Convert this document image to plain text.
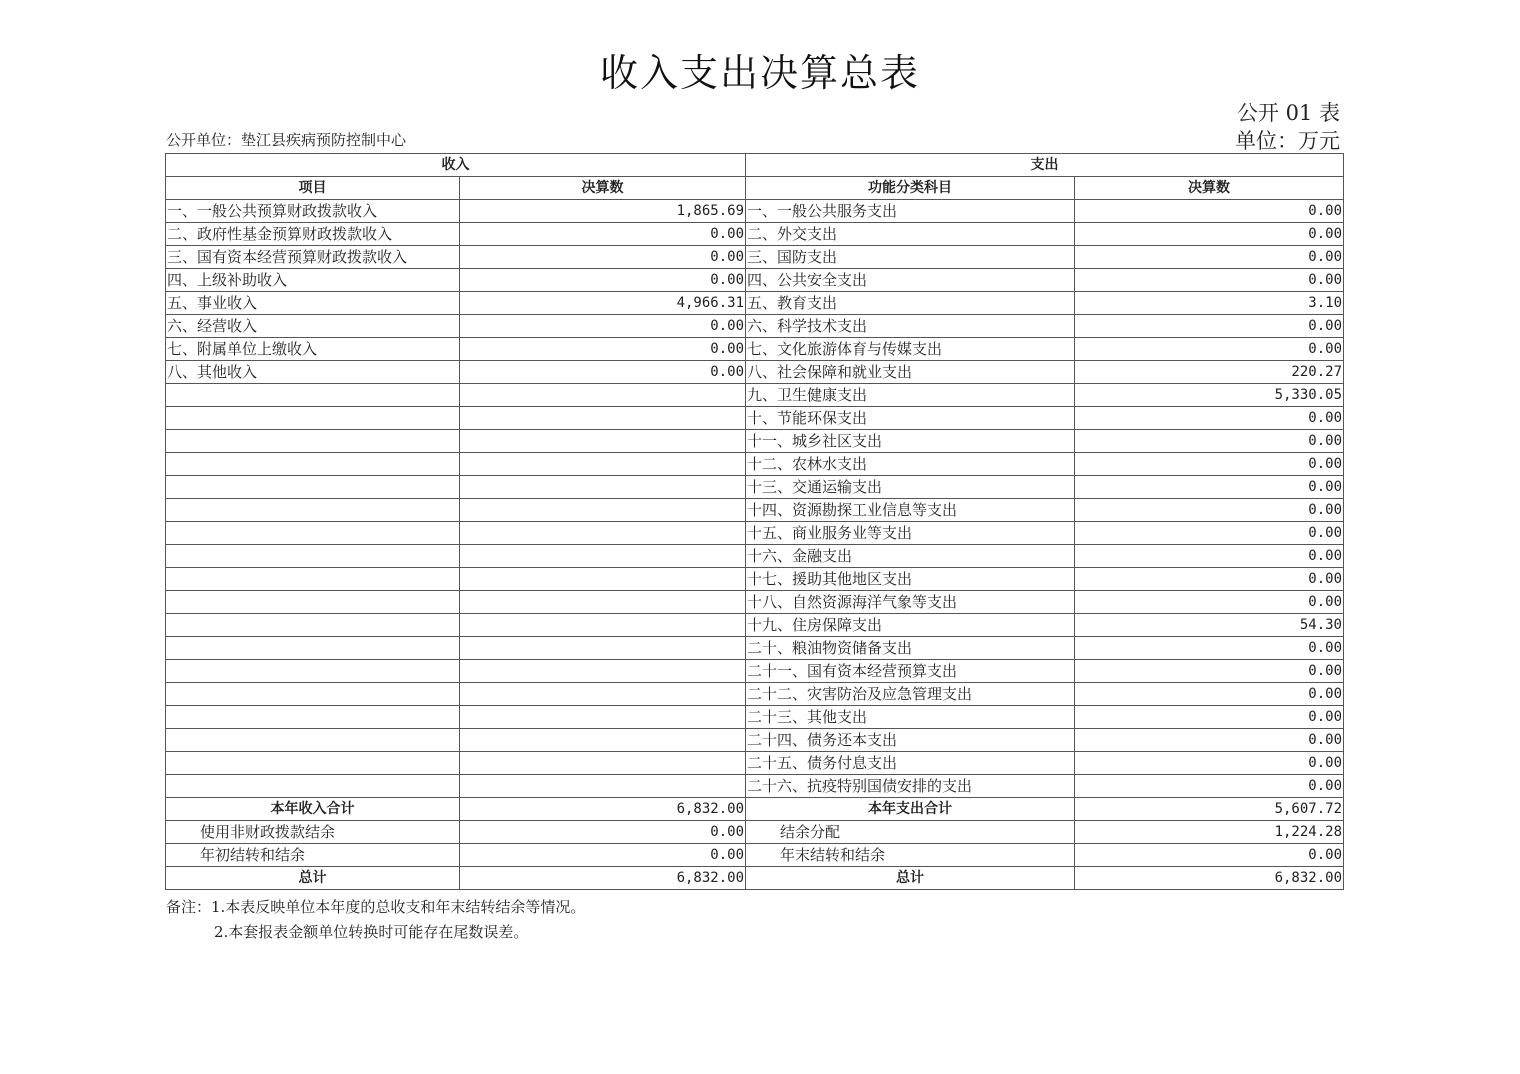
收入支出决算总表
公开 01 表
公开单位：垫江县疾病预防控制中心	单位：万元
收入		支出	
项目	决算数	功能分类科目	决算数
一、一般公共预算财政拨款收入	1,865.69	一、一般公共服务支出	0.00
二、政府性基金预算财政拨款收入	0.00	二、外交支出	0.00
三、国有资本经营预算财政拨款收入	0.00	三、国防支出	0.00
四、上级补助收入	0.00	四、公共安全支出	0.00
五、事业收入	4,966.31	五、教育支出	3.10
六、经营收入	0.00	六、科学技术支出	0.00
七、附属单位上缴收入	0.00	七、文化旅游体育与传媒支出	0.00
八、其他收入	0.00	八、社会保障和就业支出	220.27
		九、卫生健康支出	5,330.05
		十、节能环保支出	0.00
		十一、城乡社区支出	0.00
		十二、农林水支出	0.00
		十三、交通运输支出	0.00
		十四、资源勘探工业信息等支出	0.00
		十五、商业服务业等支出	0.00
		十六、金融支出	0.00
		十七、援助其他地区支出	0.00
		十八、自然资源海洋气象等支出	0.00
		十九、住房保障支出	54.30
		二十、粮油物资储备支出	0.00
		二十一、国有资本经营预算支出	0.00
		二十二、灾害防治及应急管理支出	0.00
		二十三、其他支出	0.00
		二十四、债务还本支出	0.00
		二十五、债务付息支出	0.00
		二十六、抗疫特别国债安排的支出	0.00
本年收入合计	6,832.00	本年支出合计	5,607.72
使用非财政拨款结余	0.00	结余分配	1,224.28
年初结转和结余	0.00	年末结转和结余	0.00
总计	6,832.00	总计	6,832.00
备注：1.本表反映单位本年度的总收支和年末结转结余等情况。
2.本套报表金额单位转换时可能存在尾数误差。
